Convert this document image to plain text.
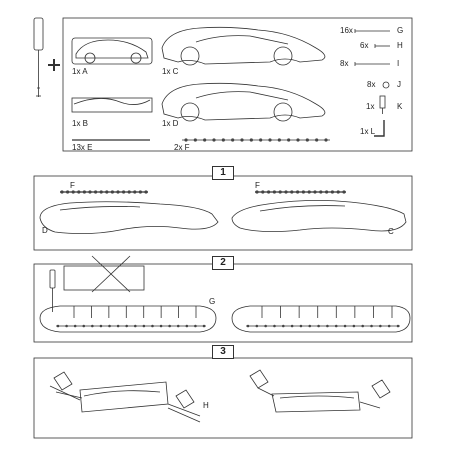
1x A	1x C
1x B	1x D
13x E	2x F
16x	G
6x	H
8x	I
8x	J
1x	K
1x L
1
2
3
F	F
D	C
G
H
